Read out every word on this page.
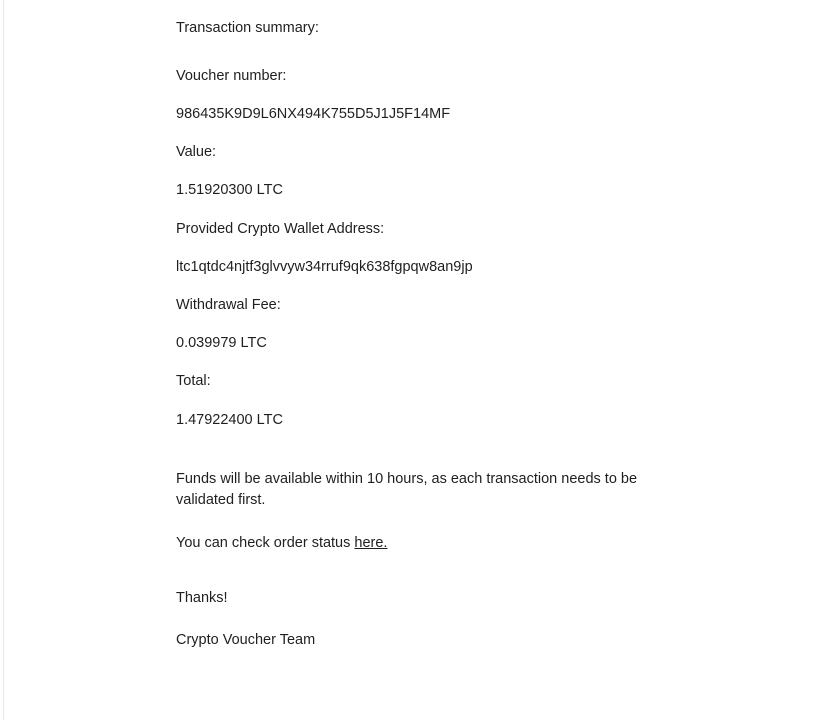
Transaction summary:
Voucher number:
986435K9D9L6NX494K755D5J1J5F14MF
Value:
1.51920300 LTC
Provided Crypto Wallet Address:
ltc1qtdc4njtf3glvvyw34rruf9qk638fgpqw8an9jp
Withdrawal Fee:
0.039979 LTC
Total:
1.47922400 LTC
Funds will be available within 10 hours, as each transaction needs to be validated first.
You can check order status here.
Thanks!
Crypto Voucher Team
